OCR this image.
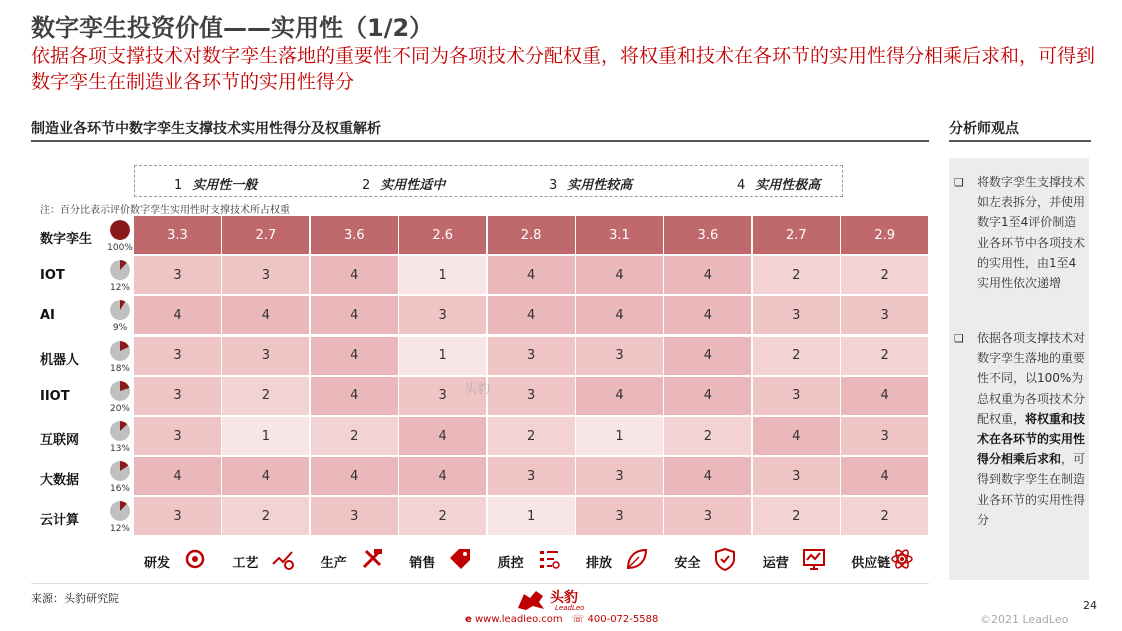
数字孪生投资价值——实用性（1/2）
依据各项支撑技术对数字孪生落地的重要性不同为各项技术分配权重，将权重和技术在各环节的实用性得分相乘后求和，可得到数字孪生在制造业各环节的实用性得分
制造业各环节中数字孪生支撑技术实用性得分及权重解析	分析师观点
1 实用性一般	2 实用性适中	3 实用性较高	4 实用性极高
注：百分比表示评价数字孪生实用性时支撑技术所占权重
数字孪生
100%
3.3	2.7	3.6	2.6	2.8	3.1	3.6	2.7	2.9
IOT
12%
3	3	4	1	4	4	4	2	2
AI
9%
4	4	4	3	4	4	4	3	3
机器人
18%
3	3	4	1	3	3	4	2	2
IIOT
20%
3	2	4	3	3	4	4	3	4
互联网
13%
3	1	2	4	2	1	2	4	3
大数据
16%
4	4	4	4	3	3	4	3	4
云计算
12%
3	2	3	2	1	3	3	2	2
研发	工艺	生产	销售	质控	排放	安全	运营	供应链
头豹
❑ 将数字孪生支撑技术如左表拆分，并使用数字1至4评价制造业各环节中各项技术的实用性，由1至4实用性依次递增
❑ 依据各项支撑技术对数字孪生落地的重要性不同，以100%为总权重为各项技术分配权重，将权重和技术在各环节的实用性得分相乘后求和，可得到数字孪生在制造业各环节的实用性得分
来源：头豹研究院	头豹
LeadLeo
e www.leadleo.com ☏ 400-072-5588
24
©2021 LeadLeo
